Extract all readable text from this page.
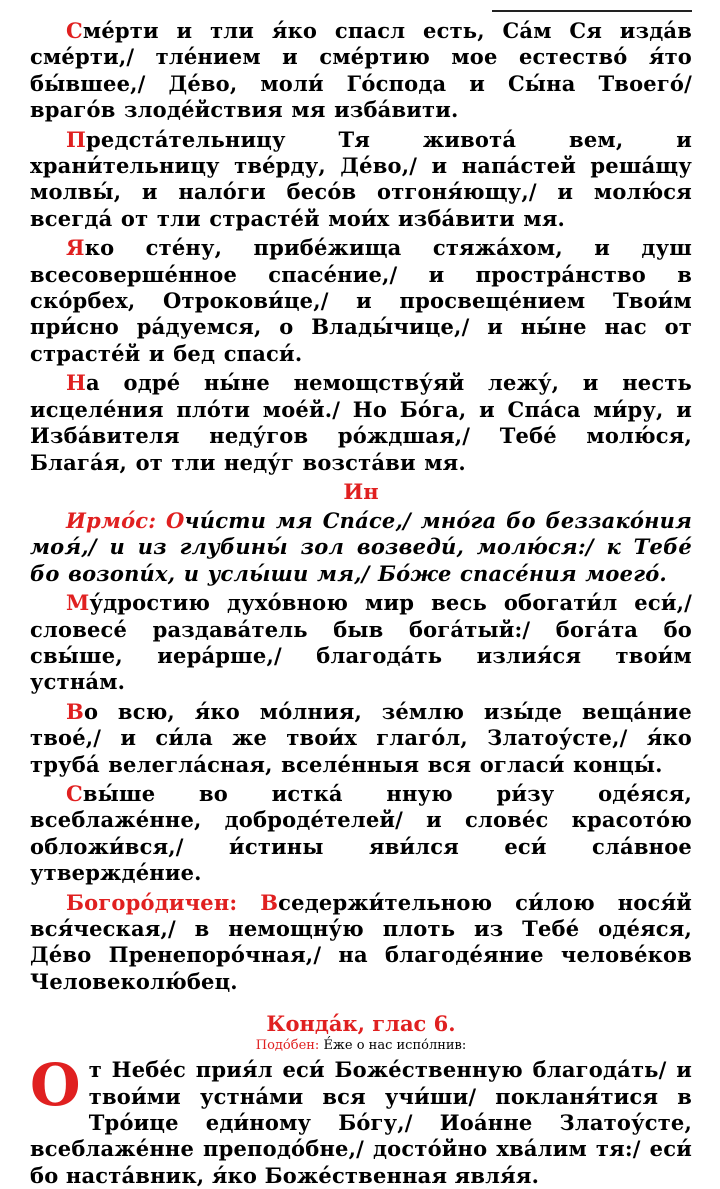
Сме́рти и тли я́ко спасл есть, Са́м Ся изда́в сме́рти,/ тле́нием и сме́ртию мое естество́ я́то бы́вшее,/ Де́во, моли́ Го́спода и Сы́на Твоего́/ враго́в злоде́йствия мя изба́вити.

Предста́тельницу Тя живота́ вем, и храни́тельницу тве́рду, Де́во,/ и напа́стей реша́щу молвы́, и нало́ги бесо́в отгоня́ющу,/ и молю́ся всегда́ от тли страсте́й мои́х изба́вити мя.

Яко сте́ну, прибе́жища стяжа́хом, и душ всесоверше́нное спасе́ние,/ и простра́нство в ско́рбех, Отрокови́це,/ и просвеще́нием Твои́м при́сно ра́дуемся, о Влады́чице,/ и ны́не нас от страсте́й и бед спаси́.

На одре́ ны́не немощству́яй лежу́, и несть исцеле́ния пло́ти мое́й./ Но Бо́га, и Спа́са ми́ру, и Изба́вителя неду́гов ро́ждшая,/ Тебе́ молю́ся, Блага́я, от тли неду́г возста́ви мя.

Ин

Ирмо́с: Очи́сти мя Спа́се,/ мно́га бо беззако́ния моя́,/ и из глубины́ зол возведи́, молю́ся:/ к Тебе́ бо возопи́х, и услы́ши мя,/ Бо́же спасе́ния моего́.

Му́дростию духо́вною мир весь обогати́л еси́,/ словесе́ раздава́тель быв бога́тый:/ бога́та бо свы́ше, иера́рше,/ благода́ть излия́ся твои́м устна́м.

Во всю, я́ко мо́лния, зе́млю изы́де веща́ние твое́,/ и си́ла же твои́х глаго́л, Златоу́сте,/ я́ко труба́ велегла́сная, вселе́нныя вся огласи́ концы́.

Свы́ше во исткá нную ри́зу оде́яся, всеблаже́нне, доброде́телей/ и слове́с красото́ю обложи́вся,/ и́стины яви́лся еси́ сла́вное утвержде́ние.

Богоро́дичен: Вседержи́тельною си́лою нося́й вся́ческая,/ в немощну́ю плоть из Тебе́ оде́яся, Де́во Пренепоро́чная,/ на благоде́яние челове́ков Человеколю́бец.

Конда́к, глас 6.
Подо́бен: Е́же о нас испо́лнив:

От Небе́с прия́л еси́ Боже́ственную благода́ть/ и твои́ми устна́ми вся учи́ши/ покланя́тися в Тро́ице еди́ному Бо́гу,/ Иоа́нне Златоу́сте, всеблаже́нне преподо́бне,/ досто́йно хва́лим тя:/ еси́ бо наста́вник, я́ко Боже́ственная явля́я.
